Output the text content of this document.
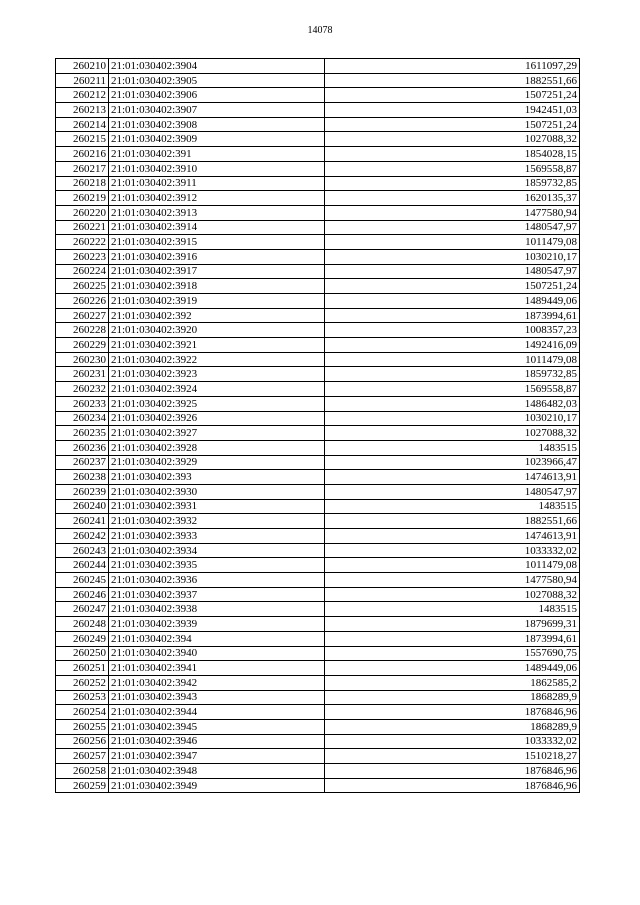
14078
260210	21:01:030402:3904	1611097,29
260211	21:01:030402:3905	1882551,66
260212	21:01:030402:3906	1507251,24
260213	21:01:030402:3907	1942451,03
260214	21:01:030402:3908	1507251,24
260215	21:01:030402:3909	1027088,32
260216	21:01:030402:391	1854028,15
260217	21:01:030402:3910	1569558,87
260218	21:01:030402:3911	1859732,85
260219	21:01:030402:3912	1620135,37
260220	21:01:030402:3913	1477580,94
260221	21:01:030402:3914	1480547,97
260222	21:01:030402:3915	1011479,08
260223	21:01:030402:3916	1030210,17
260224	21:01:030402:3917	1480547,97
260225	21:01:030402:3918	1507251,24
260226	21:01:030402:3919	1489449,06
260227	21:01:030402:392	1873994,61
260228	21:01:030402:3920	1008357,23
260229	21:01:030402:3921	1492416,09
260230	21:01:030402:3922	1011479,08
260231	21:01:030402:3923	1859732,85
260232	21:01:030402:3924	1569558,87
260233	21:01:030402:3925	1486482,03
260234	21:01:030402:3926	1030210,17
260235	21:01:030402:3927	1027088,32
260236	21:01:030402:3928	1483515
260237	21:01:030402:3929	1023966,47
260238	21:01:030402:393	1474613,91
260239	21:01:030402:3930	1480547,97
260240	21:01:030402:3931	1483515
260241	21:01:030402:3932	1882551,66
260242	21:01:030402:3933	1474613,91
260243	21:01:030402:3934	1033332,02
260244	21:01:030402:3935	1011479,08
260245	21:01:030402:3936	1477580,94
260246	21:01:030402:3937	1027088,32
260247	21:01:030402:3938	1483515
260248	21:01:030402:3939	1879699,31
260249	21:01:030402:394	1873994,61
260250	21:01:030402:3940	1557690,75
260251	21:01:030402:3941	1489449,06
260252	21:01:030402:3942	1862585,2
260253	21:01:030402:3943	1868289,9
260254	21:01:030402:3944	1876846,96
260255	21:01:030402:3945	1868289,9
260256	21:01:030402:3946	1033332,02
260257	21:01:030402:3947	1510218,27
260258	21:01:030402:3948	1876846,96
260259	21:01:030402:3949	1876846,96
